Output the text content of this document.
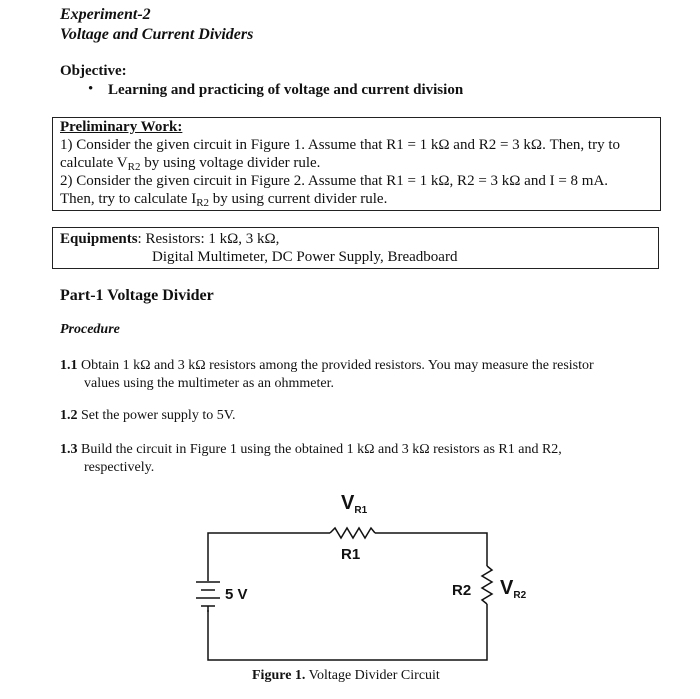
Experiment-2
Voltage and Current Dividers
Objective:
• Learning and practicing of voltage and current division
Preliminary Work:
1) Consider the given circuit in Figure 1. Assume that R1 = 1 kΩ and R2 = 3 kΩ. Then, try to
calculate $V_{R2}$ by using voltage divider rule.
2) Consider the given circuit in Figure 2. Assume that R1 = 1 kΩ, R2 = 3 kΩ and I = 8 mA.
Then, try to calculate $I_{R2}$ by using current divider rule.
Equipments: Resistors: 1 kΩ, 3 kΩ,
Digital Multimeter, DC Power Supply, Breadboard
Part-1 Voltage Divider
Procedure
1.1 Obtain 1 kΩ and 3 kΩ resistors among the provided resistors. You may measure the resistor
values using the multimeter as an ohmmeter.
1.2 Set the power supply to 5V.
1.3 Build the circuit in Figure 1 using the obtained 1 kΩ and 3 kΩ resistors as R1 and R2,
respectively.
$V_{R1}$
R1
5 V	R2 $V_{R2}$
Figure 1. Voltage Divider Circuit
